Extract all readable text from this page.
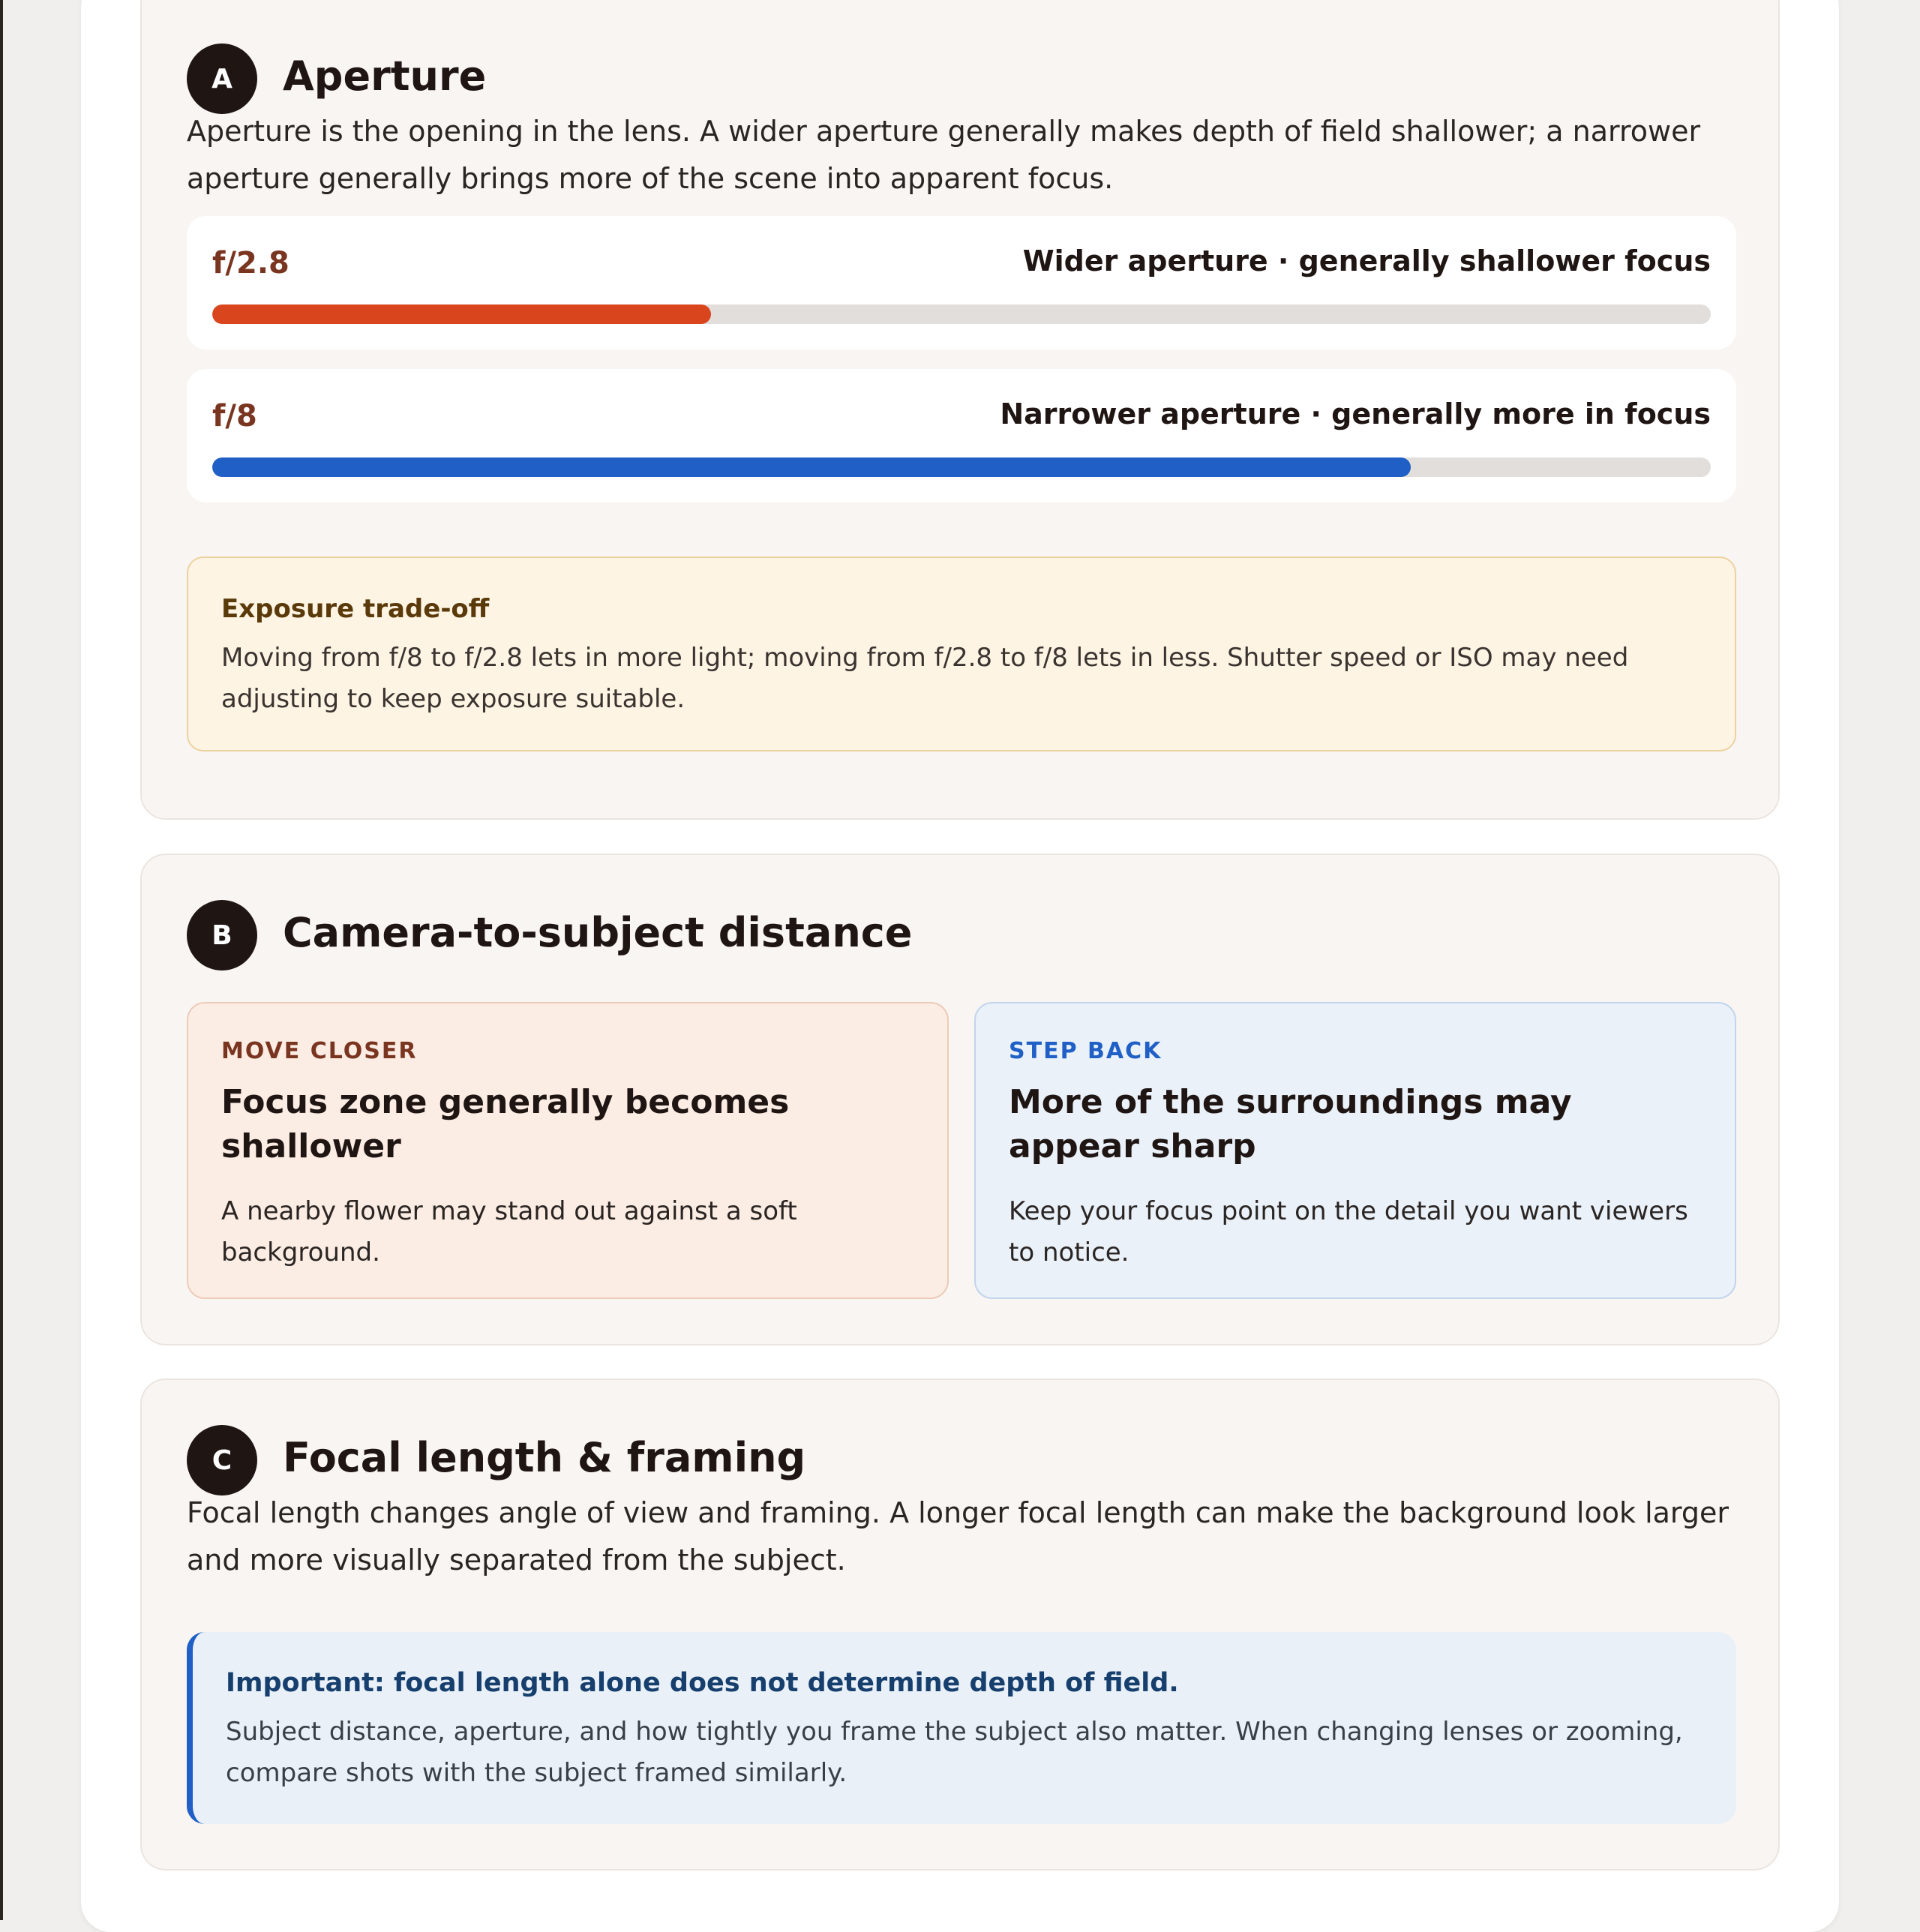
A	Aperture

Aperture is the opening in the lens. A wider aperture generally makes depth of field shallower; a narrower aperture generally brings more of the scene into apparent focus.

f/2.8	Wider aperture · generally shallower focus
f/8	Narrower aperture · generally more in focus
Exposure trade-off

Moving from f/8 to f/2.8 lets in more light; moving from f/2.8 to f/8 lets in less. Shutter speed or ISO may need adjusting to keep exposure suitable.

B	Camera-to-subject distance
MOVE CLOSER
Focus zone generally becomes shallower

A nearby flower may stand out against a soft background.

STEP BACK
More of the surroundings may appear sharp

Keep your focus point on the detail you want viewers to notice.

C	Focal length & framing

Focal length changes angle of view and framing. A longer focal length can make the background look larger and more visually separated from the subject.

Important: focal length alone does not determine depth of field.

Subject distance, aperture, and how tightly you frame the subject also matter. When changing lenses or zooming, compare shots with the subject framed similarly.
